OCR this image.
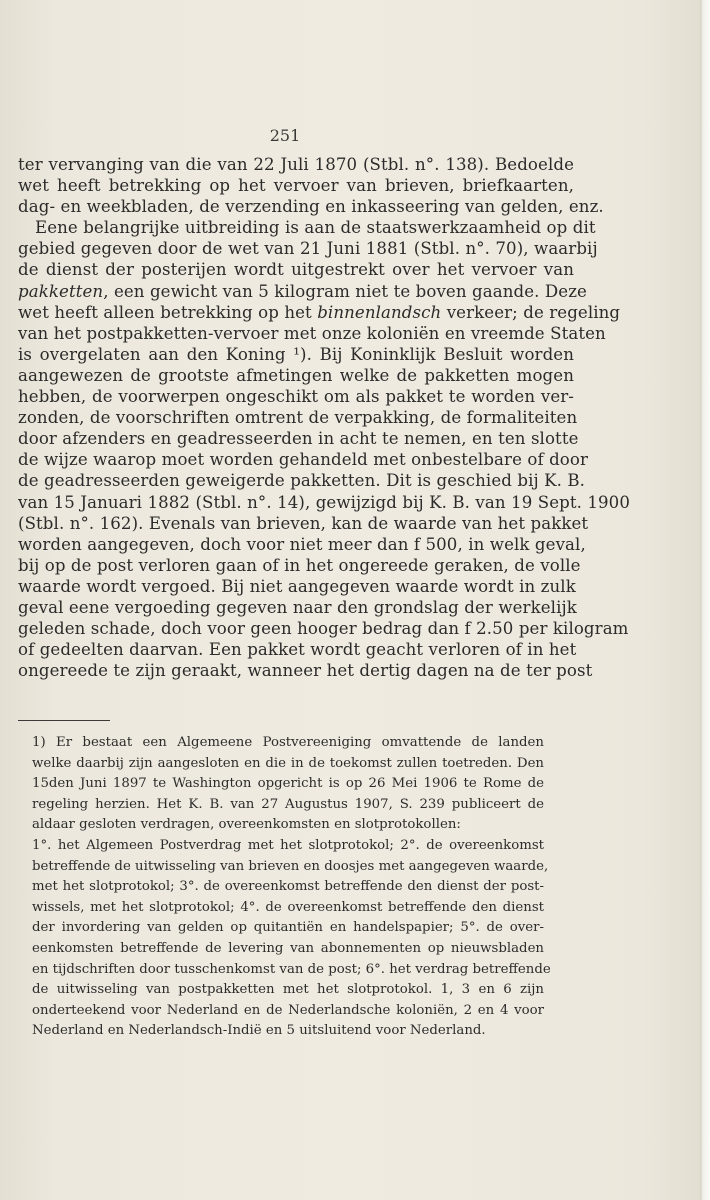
251
ter vervanging van die van 22 Juli 1870 (Stbl. n°. 138). Bedoelde
wet heeft betrekking op het vervoer van brieven, briefkaarten,
dag- en weekbladen, de verzending en inkasseering van gelden, enz.
Eene belangrijke uitbreiding is aan de staatswerkzaamheid op dit
gebied gegeven door de wet van 21 Juni 1881 (Stbl. n°. 70), waarbij
de dienst der posterijen wordt uitgestrekt over het vervoer van
pakketten, een gewicht van 5 kilogram niet te boven gaande. Deze
wet heeft alleen betrekking op het binnenlandsch verkeer; de regeling
van het postpakketten-vervoer met onze koloniën en vreemde Staten
is overgelaten aan den Koning ¹). Bij Koninklijk Besluit worden
aangewezen de grootste afmetingen welke de pakketten mogen
hebben, de voorwerpen ongeschikt om als pakket te worden ver-
zonden, de voorschriften omtrent de verpakking, de formaliteiten
door afzenders en geadresseerden in acht te nemen, en ten slotte
de wijze waarop moet worden gehandeld met onbestelbare of door
de geadresseerden geweigerde pakketten. Dit is geschied bij K. B.
van 15 Januari 1882 (Stbl. n°. 14), gewijzigd bij K. B. van 19 Sept. 1900
(Stbl. n°. 162). Evenals van brieven, kan de waarde van het pakket
worden aangegeven, doch voor niet meer dan f 500, in welk geval,
bij op de post verloren gaan of in het ongereede geraken, de volle
waarde wordt vergoed. Bij niet aangegeven waarde wordt in zulk
geval eene vergoeding gegeven naar den grondslag der werkelijk
geleden schade, doch voor geen hooger bedrag dan f 2.50 per kilogram
of gedeelten daarvan. Een pakket wordt geacht verloren of in het
ongereede te zijn geraakt, wanneer het dertig dagen na de ter post
1) Er bestaat een Algemeene Postvereeniging omvattende de landen
welke daarbij zijn aangesloten en die in de toekomst zullen toetreden. Den
15den Juni 1897 te Washington opgericht is op 26 Mei 1906 te Rome de
regeling herzien. Het K. B. van 27 Augustus 1907, S. 239 publiceert de
aldaar gesloten verdragen, overeenkomsten en slotprotokollen:
1°. het Algemeen Postverdrag met het slotprotokol; 2°. de overeenkomst
betreffende de uitwisseling van brieven en doosjes met aangegeven waarde,
met het slotprotokol; 3°. de overeenkomst betreffende den dienst der post-
wissels, met het slotprotokol; 4°. de overeenkomst betreffende den dienst
der invordering van gelden op quitantiën en handelspapier; 5°. de over-
eenkomsten betreffende de levering van abonnementen op nieuwsbladen
en tijdschriften door tusschenkomst van de post; 6°. het verdrag betreffende
de uitwisseling van postpakketten met het slotprotokol. 1, 3 en 6 zijn
onderteekend voor Nederland en de Nederlandsche koloniën, 2 en 4 voor
Nederland en Nederlandsch-Indië en 5 uitsluitend voor Nederland.
